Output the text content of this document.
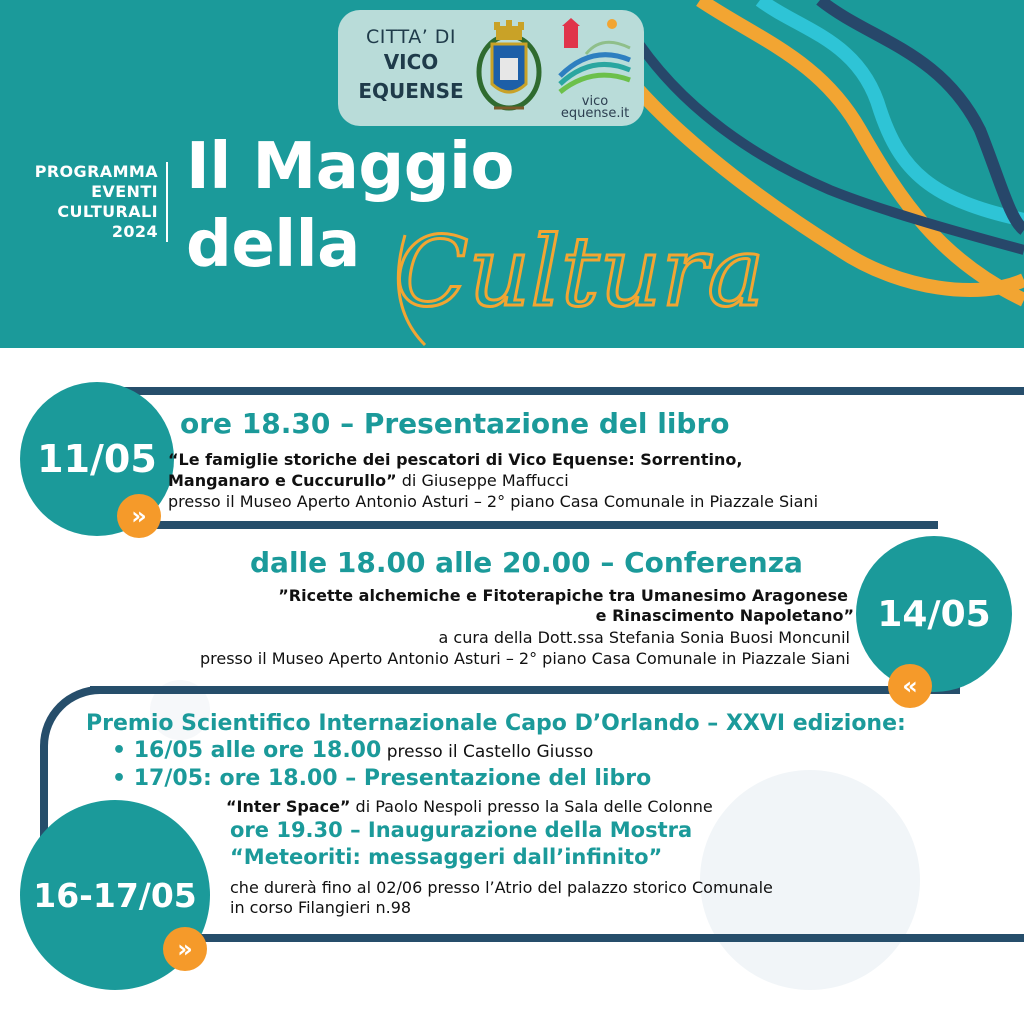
CITTA’ DI
VICO
EQUENSE	vico
equense.it
PROGRAMMA
EVENTI
CULTURALI
2024
Il Maggio
della Cultura
11/05
»
ore 18.30 – Presentazione del libro
“Le famiglie storiche dei pescatori di Vico Equense: Sorrentino,
Manganaro e Cuccurullo” di Giuseppe Maffucci
presso il Museo Aperto Antonio Asturi – 2° piano Casa Comunale in Piazzale Siani
14/05
«
dalle 18.00 alle 20.00 – Conferenza
”Ricette alchemiche e Fitoterapiche tra Umanesimo Aragonese
e Rinascimento Napoletano”
a cura della Dott.ssa Stefania Sonia Buosi Moncunil
presso il Museo Aperto Antonio Asturi – 2° piano Casa Comunale in Piazzale Siani
16-17/05
»
Premio Scientifico Internazionale Capo D’Orlando – XXVI edizione:
• 16/05 alle ore 18.00 presso il Castello Giusso
• 17/05: ore 18.00 – Presentazione del libro
“Inter Space” di Paolo Nespoli presso la Sala delle Colonne
ore 19.30 – Inaugurazione della Mostra
“Meteoriti: messaggeri dall’infinito”
che durerà fino al 02/06 presso l’Atrio del palazzo storico Comunale
in corso Filangieri n.98
